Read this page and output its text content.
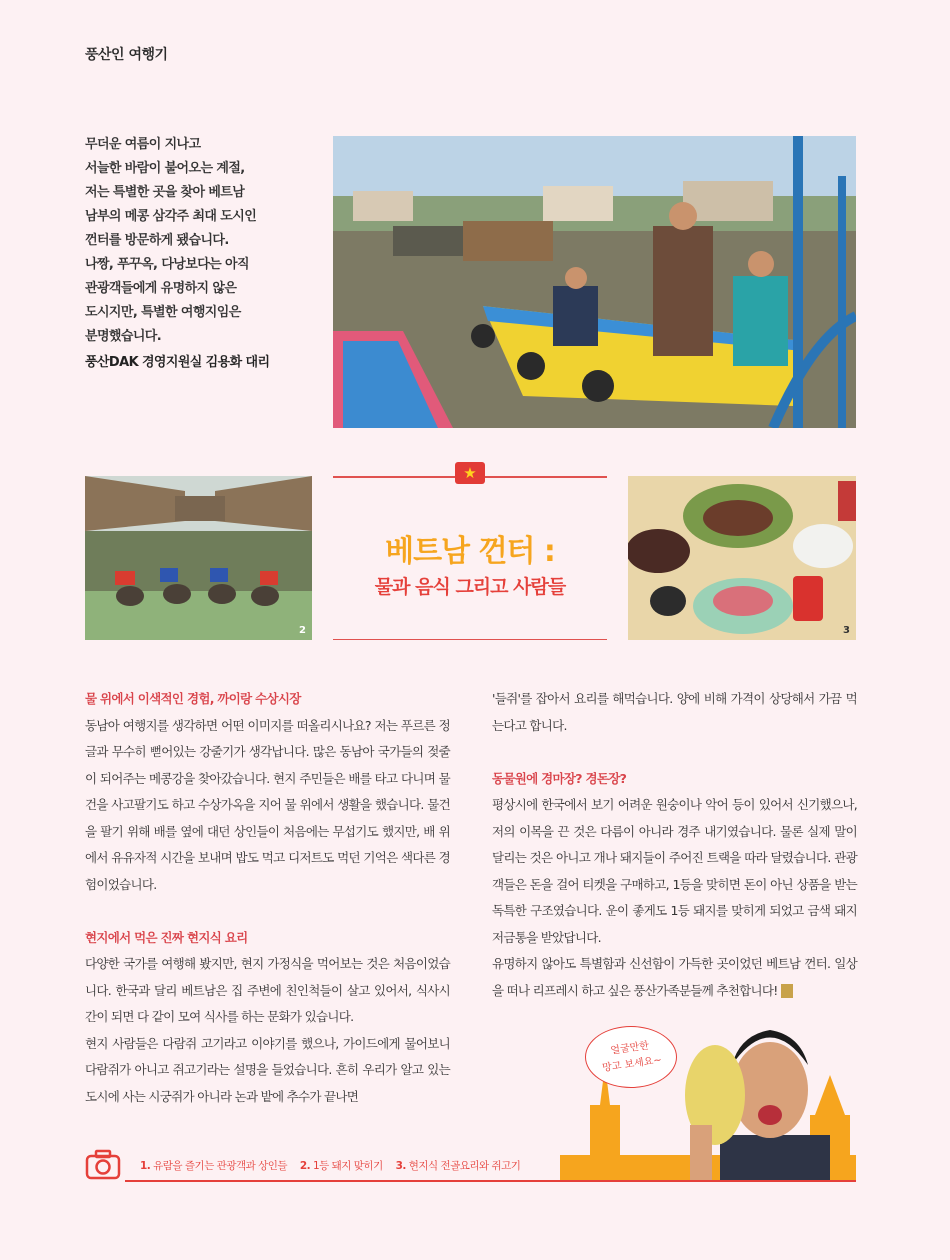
풍산인 여행기

무더운 여름이 지나고

서늘한 바람이 불어오는 계절,

저는 특별한 곳을 찾아 베트남

남부의 메콩 삼각주 최대 도시인

껀터를 방문하게 됐습니다.

나짱, 푸꾸옥, 다낭보다는 아직

관광객들에게 유명하지 않은

도시지만, 특별한 여행지임은

분명했습니다.

풍산DAK 경영지원실 김용화 대리

2
★
베트남 껀터 :
물과 음식 그리고 사람들
3
물 위에서 이색적인 경험, 까이랑 수상시장

동남아 여행지를 생각하면 어떤 이미지를 떠올리시나요? 저는 푸르른 정글과 무수히 뻗어있는 강줄기가 생각납니다. 많은 동남아 국가들의 젖줄이 되어주는 메콩강을 찾아갔습니다. 현지 주민들은 배를 타고 다니며 물건을 사고팔기도 하고 수상가옥을 지어 물 위에서 생활을 했습니다. 물건을 팔기 위해 배를 옆에 대던 상인들이 처음에는 무섭기도 했지만, 배 위에서 유유자적 시간을 보내며 밥도 먹고 디저트도 먹던 기억은 색다른 경험이었습니다.

현지에서 먹은 진짜 현지식 요리

다양한 국가를 여행해 봤지만, 현지 가정식을 먹어보는 것은 처음이었습니다. 한국과 달리 베트남은 집 주변에 친인척들이 살고 있어서, 식사시간이 되면 다 같이 모여 식사를 하는 문화가 있습니다.

현지 사람들은 다람쥐 고기라고 이야기를 했으나, 가이드에게 물어보니 다람쥐가 아니고 쥐고기라는 설명을 들었습니다. 흔히 우리가 알고 있는 도시에 사는 시궁쥐가 아니라 논과 밭에 추수가 끝나면

'들쥐'를 잡아서 요리를 해먹습니다. 양에 비해 가격이 상당해서 가끔 먹는다고 합니다.

동물원에 경마장? 경돈장?

평상시에 한국에서 보기 어려운 원숭이나 악어 등이 있어서 신기했으나, 저의 이목을 끈 것은 다름이 아니라 경주 내기였습니다. 물론 실제 말이 달리는 것은 아니고 개나 돼지들이 주어진 트랙을 따라 달렸습니다. 관광객들은 돈을 걸어 티켓을 구매하고, 1등을 맞히면 돈이 아닌 상품을 받는 독특한 구조였습니다. 운이 좋게도 1등 돼지를 맞히게 되었고 금색 돼지 저금통을 받았답니다.

유명하지 않아도 특별함과 신선함이 가득한 곳이었던 베트남 껀터. 일상을 떠나 리프레시 하고 싶은 풍산가족분들께 추천합니다!

얼굴만한
망고 보세요~
1. 유람을 즐기는 관광객과 상인들 2. 1등 돼지 맞히기 3. 현지식 전골요리와 쥐고기
